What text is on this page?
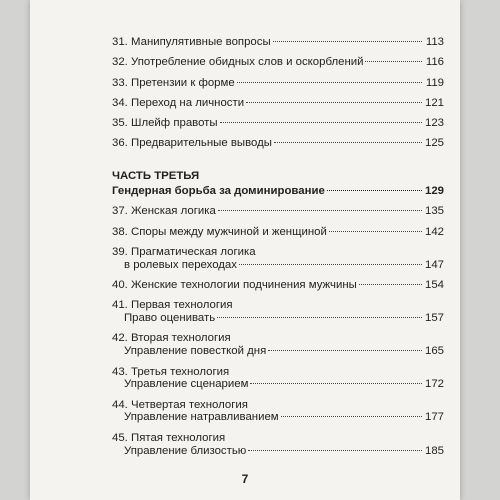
31.
Манипулятивные вопросы	113
32.
Употребление обидных слов и оскорблений	116
33.
Претензии к форме	119
34.
Переход на личности	121
35.
Шлейф правоты	123
36.
Предварительные выводы	125
ЧАСТЬ ТРЕТЬЯ
Гендерная борьба за доминирование	129
37.
Женская логика	135
38.
Споры между мужчиной и женщиной	142
39.
Прагматическая логика
в ролевых переходах	147
40.
Женские технологии подчинения мужчины	154
41.
Первая технология
Право оценивать	157
42.
Вторая технология
Управление повесткой дня	165
43.
Третья технология
Управление сценарием	172
44.
Четвертая технология
Управление натравливанием	177
45.
Пятая технология
Управление близостью	185
7
